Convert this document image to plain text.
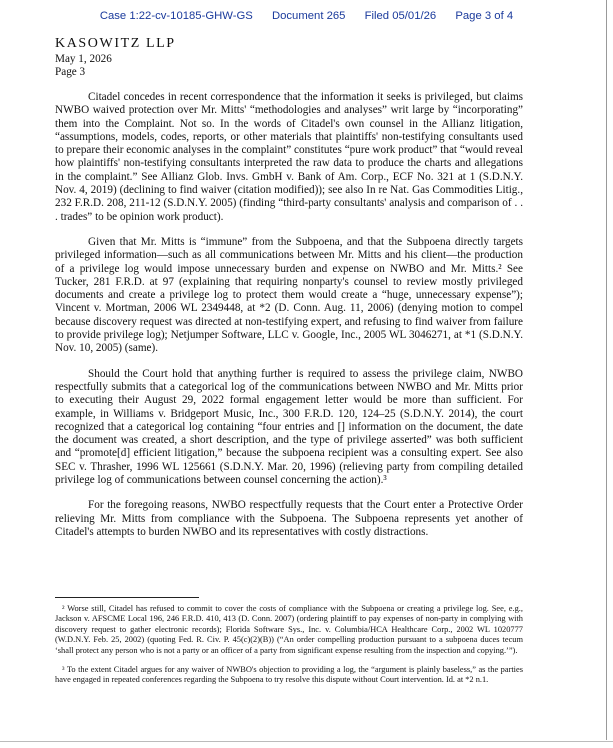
Case 1:22-cv-10185-GHW-GS Document 265 Filed 05/01/26 Page 3 of 4
KASOWITZ LLP
May 1, 2026
Page 3

Citadel concedes in recent correspondence that the information it seeks is privileged, but claims NWBO waived protection over Mr. Mitts' “methodologies and analyses” writ large by “incorporating” them into the Complaint. Not so. In the words of Citadel's own counsel in the Allianz litigation, “assumptions, models, codes, reports, or other materials that plaintiffs' non-testifying consultants used to prepare their economic analyses in the complaint” constitutes “pure work product” that “would reveal how plaintiffs' non-testifying consultants interpreted the raw data to produce the charts and allegations in the complaint.” See Allianz Glob. Invs. GmbH v. Bank of Am. Corp., ECF No. 321 at 1 (S.D.N.Y. Nov. 4, 2019) (declining to find waiver (citation modified)); see also In re Nat. Gas Commodities Litig., 232 F.R.D. 208, 211-12 (S.D.N.Y. 2005) (finding “third-party consultants' analysis and comparison of . . . trades” to be opinion work product).

Given that Mr. Mitts is “immune” from the Subpoena, and that the Subpoena directly targets privileged information—such as all communications between Mr. Mitts and his client—the production of a privilege log would impose unnecessary burden and expense on NWBO and Mr. Mitts.² See Tucker, 281 F.R.D. at 97 (explaining that requiring nonparty's counsel to review mostly privileged documents and create a privilege log to protect them would create a “huge, unnecessary expense”); Vincent v. Mortman, 2006 WL 2349448, at *2 (D. Conn. Aug. 11, 2006) (denying motion to compel because discovery request was directed at non-testifying expert, and refusing to find waiver from failure to provide privilege log); Netjumper Software, LLC v. Google, Inc., 2005 WL 3046271, at *1 (S.D.N.Y. Nov. 10, 2005) (same).

Should the Court hold that anything further is required to assess the privilege claim, NWBO respectfully submits that a categorical log of the communications between NWBO and Mr. Mitts prior to executing their August 29, 2022 formal engagement letter would be more than sufficient. For example, in Williams v. Bridgeport Music, Inc., 300 F.R.D. 120, 124–25 (S.D.N.Y. 2014), the court recognized that a categorical log containing “four entries and [] information on the document, the date the document was created, a short description, and the type of privilege asserted” was both sufficient and “promote[d] efficient litigation,” because the subpoena recipient was a consulting expert. See also SEC v. Thrasher, 1996 WL 125661 (S.D.N.Y. Mar. 20, 1996) (relieving party from compiling detailed privilege log of communications between counsel concerning the action).³

For the foregoing reasons, NWBO respectfully requests that the Court enter a Protective Order relieving Mr. Mitts from compliance with the Subpoena. The Subpoena represents yet another of Citadel's attempts to burden NWBO and its representatives with costly distractions.

² Worse still, Citadel has refused to commit to cover the costs of compliance with the Subpoena or creating a privilege log. See, e.g., Jackson v. AFSCME Local 196, 246 F.R.D. 410, 413 (D. Conn. 2007) (ordering plaintiff to pay expenses of non-party in complying with discovery request to gather electronic records); Florida Software Sys., Inc. v. Columbia/HCA Healthcare Corp., 2002 WL 1020777 (W.D.N.Y. Feb. 25, 2002) (quoting Fed. R. Civ. P. 45(c)(2)(B)) (“An order compelling production pursuant to a subpoena duces tecum ‘shall protect any person who is not a party or an officer of a party from significant expense resulting from the inspection and copying.’”).

³ To the extent Citadel argues for any waiver of NWBO's objection to providing a log, the “argument is plainly baseless,” as the parties have engaged in repeated conferences regarding the Subpoena to try resolve this dispute without Court intervention. Id. at *2 n.1.
